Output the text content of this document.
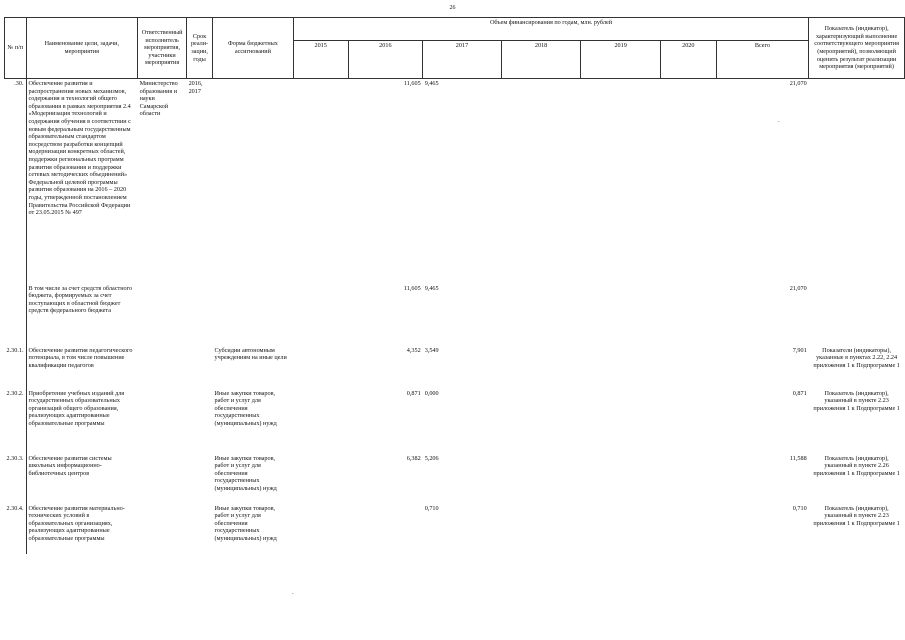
26
№ п/п	Наименование цели, задачи, мероприятия	Ответственный исполнитель мероприятия, участники мероприятия	Срок реали-зации, годы	Форма бюджетных ассигнований	Объем финансирования по годам, млн. рублей							Показатель (индикатор), характеризующий выполнение соответствующего мероприятия (мероприятий), позволяющий оценить результат реализации мероприятия (мероприятий)
					2015	2016	2017	2018	2019	2020	Всего	
.30.	Обеспечение развития и распространения новых механизмов, содержания и технологий общего образования в рамках мероприятия 2.4 «Модернизация технологий и содержания обучения в соответствии с новым федеральным государственным образовательным стандартом посредством разработки концепций модернизации конкретных областей, поддержки региональных программ развития образования и поддержки сетевых методических объединений» Федеральной целевой программы развития образования на 2016 – 2020 годы, утвержденной постановлением Правительства Российской Федерации от 23.05.2015 № 497	Министерство образования и науки Самарской области	2016, 2017			11,605	9,465				21,070	
	В том числе за счет средств областного бюджета, формируемых за счет поступающих в областной бюджет средств федерального бюджета					11,605	9,465				21,070	
2.30.1.	Обеспечение развития педагогического потенциала, в том числе повышение квалификации педагогов			Субсидии автономным учреждениям на иные цели		4,352	3,549				7,901	Показатели (индикаторы), указанные в пунктах 2.22, 2.24 приложения 1 к Подпрограмме 1
2.30.2.	Приобретение учебных изданий для государственных образовательных организаций общего образования, реализующих адаптированные образовательные программы			Иные закупки товаров, работ и услуг для обеспечения государственных (муниципальных) нужд		0,871	0,000				0,871	Показатель (индикатор), указанный в пункте 2.23 приложения 1 к Подпрограмме 1
2.30.3.	Обеспечение развития системы школьных информационно-библиотечных центров			Иные закупки товаров, работ и услуг для обеспечения государственных (муниципальных) нужд		6,382	5,206				11,588	Показатель (индикатор), указанный в пункте 2.26 приложения 1 к Подпрограмме 1
2.30.4.	Обеспечение развития материально-технических условий в образовательных организациях, реализующих адаптированные образовательные программы			Иные закупки товаров, работ и услуг для обеспечения государственных (муниципальных) нужд			0,710				0,710	Показатель (индикатор), указанный в пункте 2.23 приложения 1 к Подпрограмме 1
.
.
